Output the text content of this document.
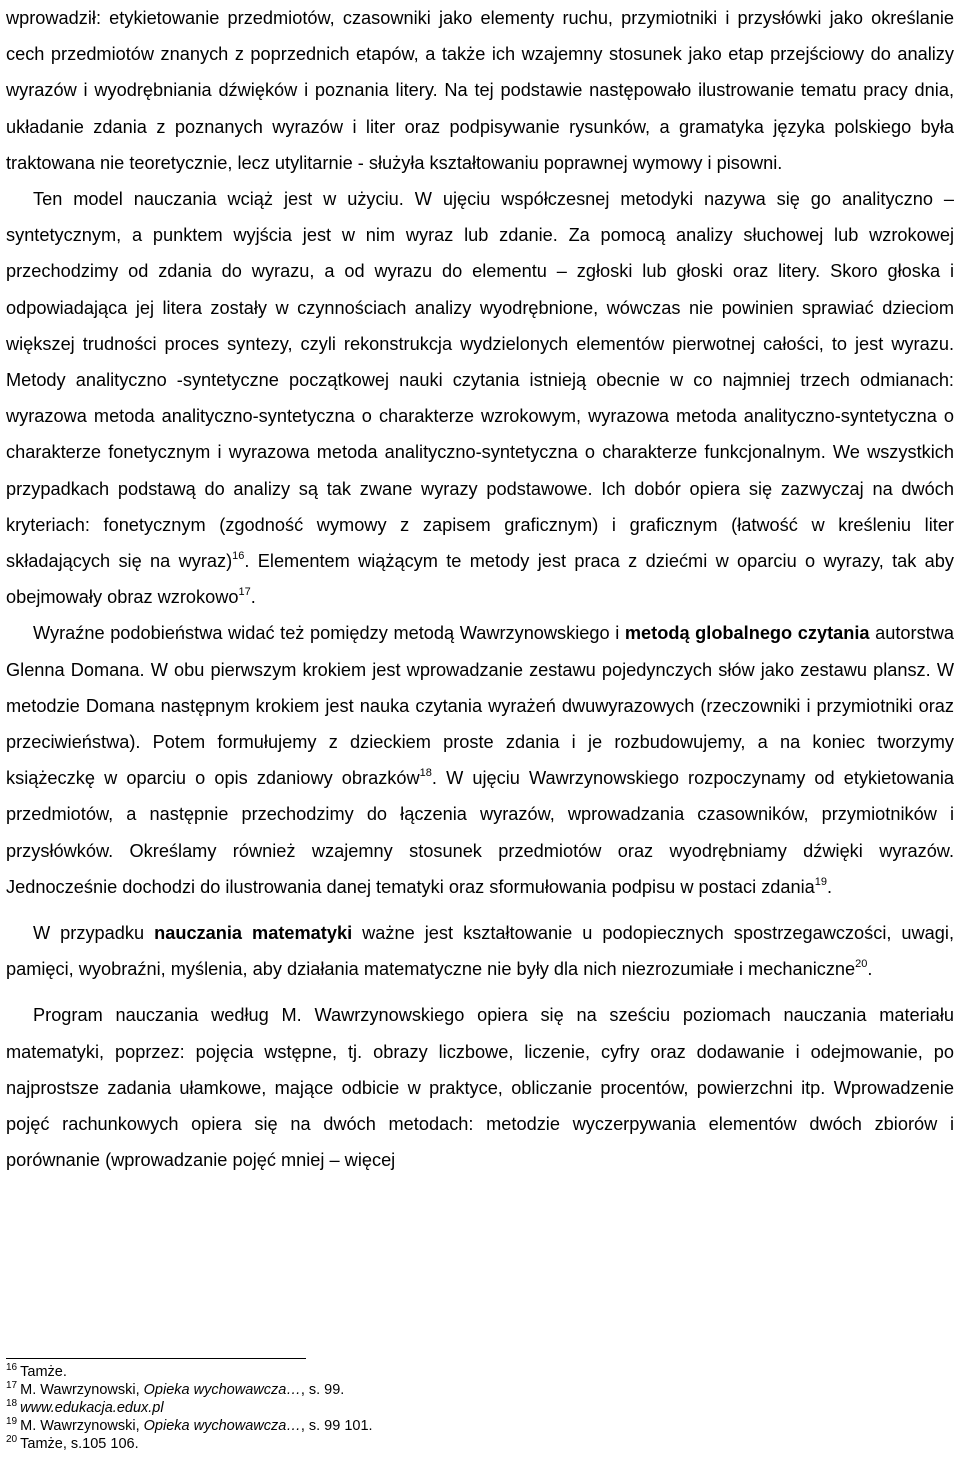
wprowadził: etykietowanie przedmiotów, czasowniki jako elementy ruchu, przymiotniki i przysłówki jako określanie cech przedmiotów znanych z poprzednich etapów, a także ich wzajemny stosunek jako etap przejściowy do analizy wyrazów i wyodrębniania dźwięków i poznania litery. Na tej podstawie następowało ilustrowanie tematu pracy dnia, układanie zdania z poznanych wyrazów i liter oraz podpisywanie rysunków, a gramatyka języka polskiego była traktowana nie teoretycznie, lecz utylitarnie - służyła kształtowaniu poprawnej wymowy i pisowni.

Ten model nauczania wciąż jest w użyciu. W ujęciu współczesnej metodyki nazywa się go analityczno – syntetycznym, a punktem wyjścia jest w nim wyraz lub zdanie. Za pomocą analizy słuchowej lub wzrokowej przechodzimy od zdania do wyrazu, a od wyrazu do elementu – zgłoski lub głoski oraz litery. Skoro głoska i odpowiadająca jej litera zostały w czynnościach analizy wyodrębnione, wówczas nie powinien sprawiać dzieciom większej trudności proces syntezy, czyli rekonstrukcja wydzielonych elementów pierwotnej całości, to jest wyrazu. Metody analityczno -syntetyczne początkowej nauki czytania istnieją obecnie w co najmniej trzech odmianach: wyrazowa metoda analityczno-syntetyczna o charakterze wzrokowym, wyrazowa metoda analityczno-syntetyczna o charakterze fonetycznym i wyrazowa metoda analityczno-syntetyczna o charakterze funkcjonalnym. We wszystkich przypadkach podstawą do analizy są tak zwane wyrazy podstawowe. Ich dobór opiera się zazwyczaj na dwóch kryteriach: fonetycznym (zgodność wymowy z zapisem graficznym) i graficznym (łatwość w kreśleniu liter składających się na wyraz)$^{16}$. Elementem wiążącym te metody jest praca z dziećmi w oparciu o wyrazy, tak aby obejmowały obraz wzrokowo$^{17}$.

Wyraźne podobieństwa widać też pomiędzy metodą Wawrzynowskiego i metodą globalnego czytania autorstwa Glenna Domana. W obu pierwszym krokiem jest wprowadzanie zestawu pojedynczych słów jako zestawu plansz. W metodzie Domana następnym krokiem jest nauka czytania wyrażeń dwuwyrazowych (rzeczowniki i przymiotniki oraz przeciwieństwa). Potem formułujemy z dzieckiem proste zdania i je rozbudowujemy, a na koniec tworzymy książeczkę w oparciu o opis zdaniowy obrazków$^{18}$. W ujęciu Wawrzynowskiego rozpoczynamy od etykietowania przedmiotów, a następnie przechodzimy do łączenia wyrazów, wprowadzania czasowników, przymiotników i przysłówków. Określamy również wzajemny stosunek przedmiotów oraz wyodrębniamy dźwięki wyrazów. Jednocześnie dochodzi do ilustrowania danej tematyki oraz sformułowania podpisu w postaci zdania$^{19}$.

W przypadku nauczania matematyki ważne jest kształtowanie u podopiecznych spostrzegawczości, uwagi, pamięci, wyobraźni, myślenia, aby działania matematyczne nie były dla nich niezrozumiałe i mechaniczne$^{20}$.

Program nauczania według M. Wawrzynowskiego opiera się na sześciu poziomach nauczania materiału matematyki, poprzez: pojęcia wstępne, tj. obrazy liczbowe, liczenie, cyfry oraz dodawanie i odejmowanie, po najprostsze zadania ułamkowe, mające odbicie w praktyce, obliczanie procentów, powierzchni itp. Wprowadzenie pojęć rachunkowych opiera się na dwóch metodach: metodzie wyczerpywania elementów dwóch zbiorów i porównanie (wprowadzanie pojęć mniej – więcej

$^{16}$ Tamże.
$^{17}$ M. Wawrzynowski, Opieka wychowawcza…, s. 99.
$^{18}$ www.edukacja.edux.pl
$^{19}$ M. Wawrzynowski, Opieka wychowawcza…, s. 99 101.
$^{20}$ Tamże, s.105 106.
